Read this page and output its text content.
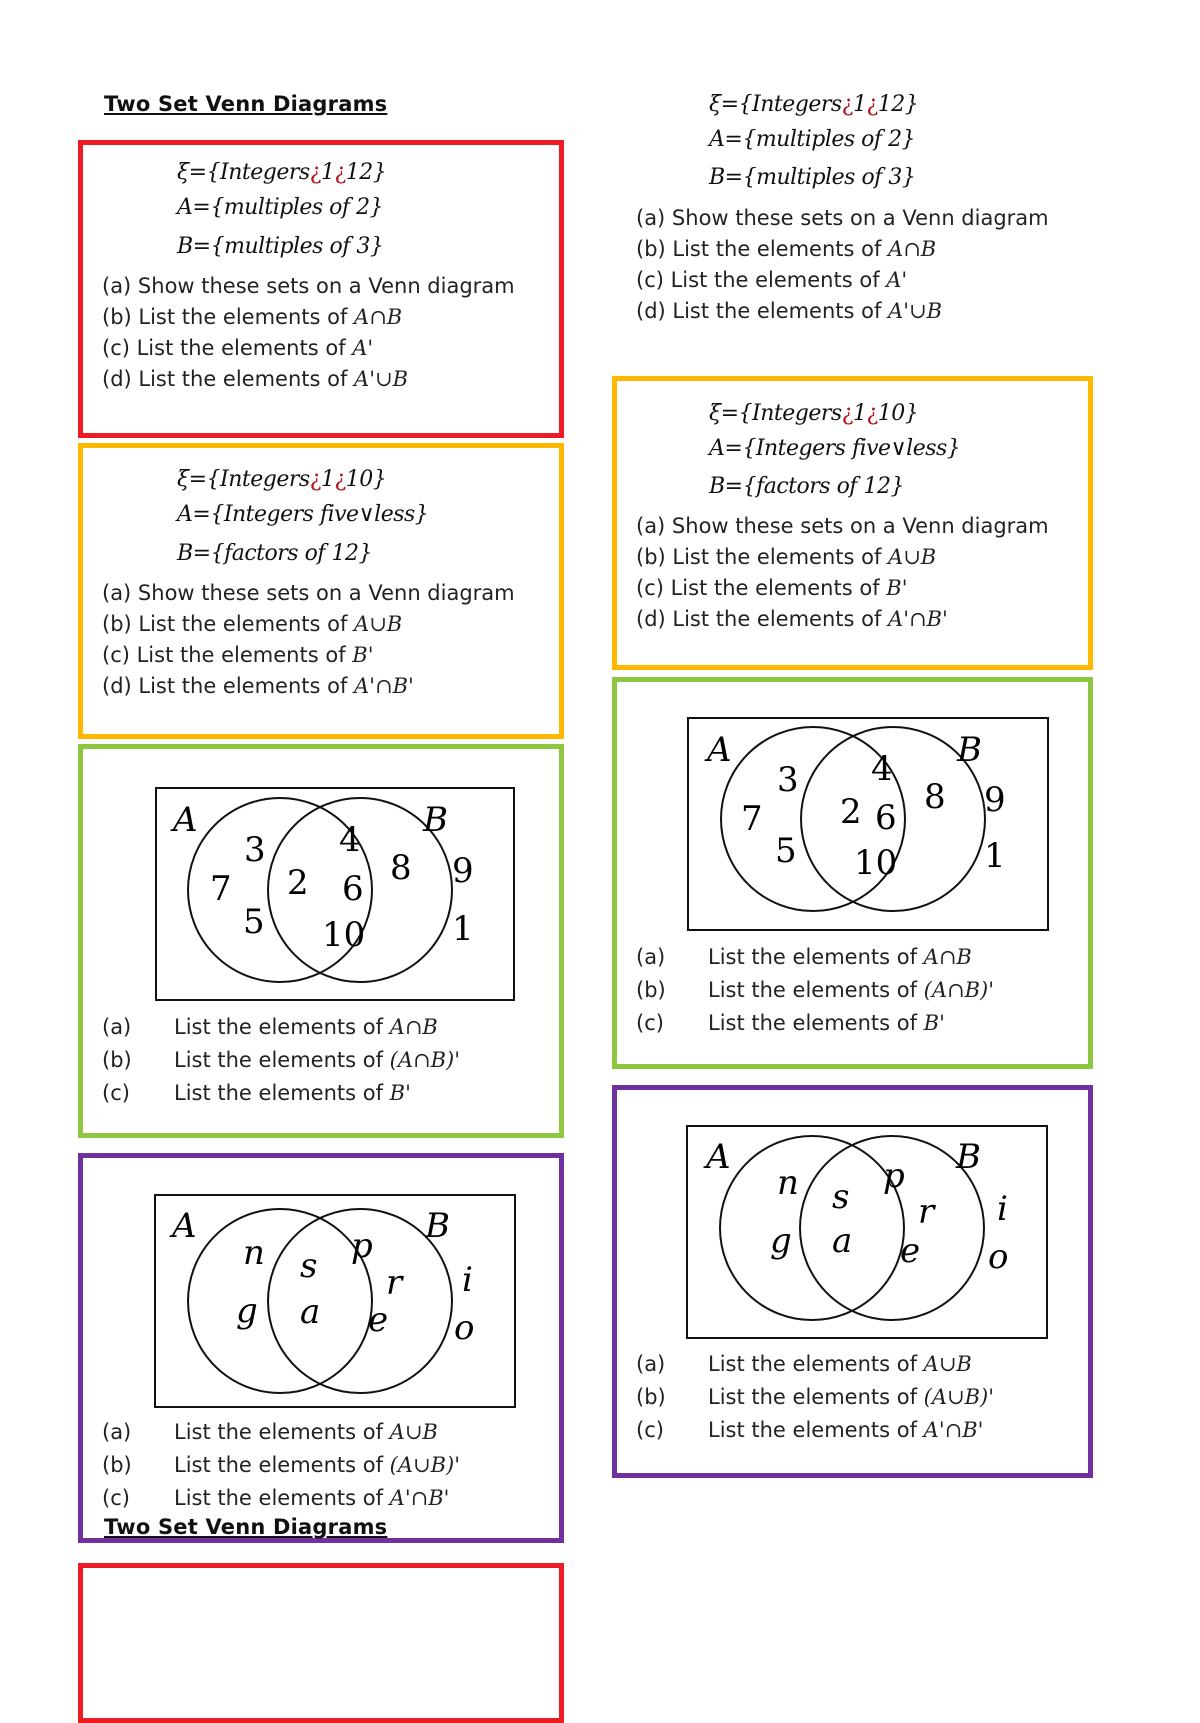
Two Set Venn Diagrams
ξ={Integers¿1¿12}
A={multiples of 2}
B={multiples of 3}
(a) Show these sets on a Venn diagram
(b) List the elements of A∩B
(c) List the elements of A'
(d) List the elements of A'∪B
ξ={Integers¿1¿10}
A={Integers five∨less}
B={factors of 12}
(a) Show these sets on a Venn diagram
(b) List the elements of A∪B
(c) List the elements of B'
(d) List the elements of A'∩B'
A	B
3
7
5
2
4
6
8
10
9
1
(a) List the elements of A∩B
(b) List the elements of (A∩B)'
(c) List the elements of B'
A	B
n
g
s
a
p
r
e
i
o
(a) List the elements of A∪B
(b) List the elements of (A∪B)'
(c) List the elements of A'∩B'
Two Set Venn Diagrams
ξ={Integers¿1¿12}
A={multiples of 2}
B={multiples of 3}
(a) Show these sets on a Venn diagram
(b) List the elements of A∩B
(c) List the elements of A'
(d) List the elements of A'∪B
ξ={Integers¿1¿10}
A={Integers five∨less}
B={factors of 12}
(a) Show these sets on a Venn diagram
(b) List the elements of A∪B
(c) List the elements of B'
(d) List the elements of A'∩B'
A	B
3
7
5
2
4
6
8
10
9
1
(a) List the elements of A∩B
(b) List the elements of (A∩B)'
(c) List the elements of B'
A	B
n
g
s
a
p
r
e
i
o
(a) List the elements of A∪B
(b) List the elements of (A∪B)'
(c) List the elements of A'∩B'
